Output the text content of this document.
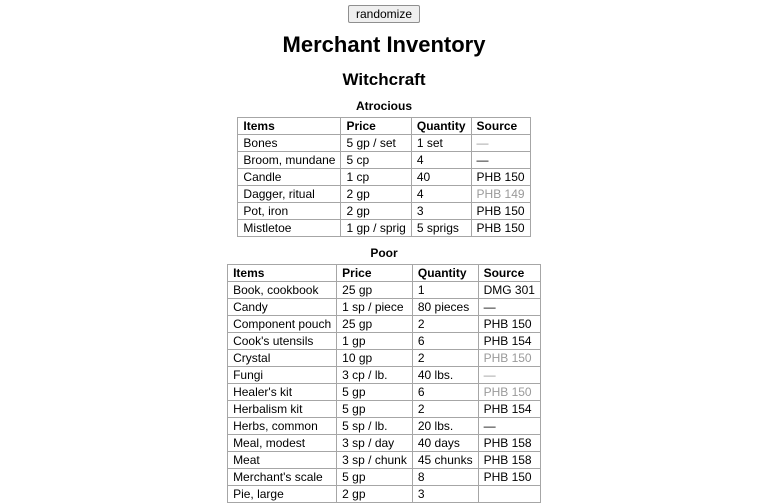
randomize
Merchant Inventory
Witchcraft
Atrocious
Items	Price	Quantity	Source
Bones	5 gp / set	1 set	—
Broom, mundane	5 cp	4	—
Candle	1 cp	40	PHB 150
Dagger, ritual	2 gp	4	PHB 149
Pot, iron	2 gp	3	PHB 150
Mistletoe	1 gp / sprig	5 sprigs	PHB 150
Poor
Items	Price	Quantity	Source
Book, cookbook	25 gp	1	DMG 301
Candy	1 sp / piece	80 pieces	—
Component pouch	25 gp	2	PHB 150
Cook's utensils	1 gp	6	PHB 154
Crystal	10 gp	2	PHB 150
Fungi	3 cp / lb.	40 lbs.	—
Healer's kit	5 gp	6	PHB 150
Herbalism kit	5 gp	2	PHB 154
Herbs, common	5 sp / lb.	20 lbs.	—
Meal, modest	3 sp / day	40 days	PHB 158
Meat	3 sp / chunk	45 chunks	PHB 158
Merchant's scale	5 gp	8	PHB 150
Pie, large	2 gp	3	
